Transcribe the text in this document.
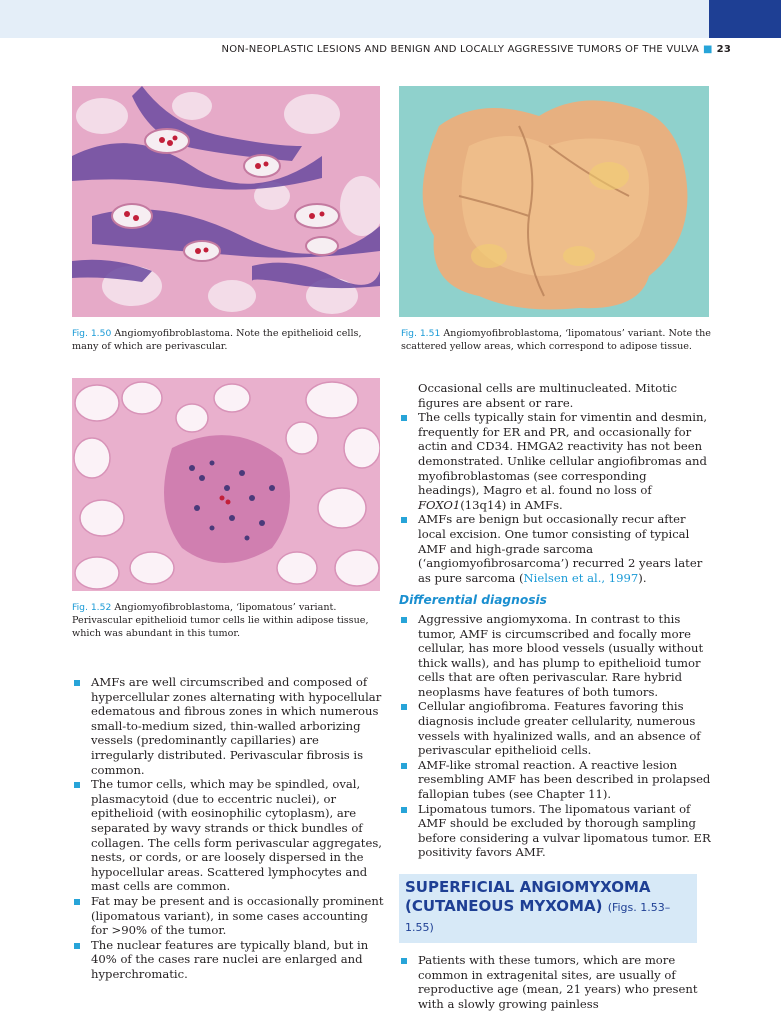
NON-NEOPLASTIC LESIONS AND BENIGN AND LOCALLY AGGRESSIVE TUMORS OF THE VULVA ■ 23
Fig. 1.50 Angiomyofibroblastoma. Note the epithelioid cells, many of which are perivascular.
Fig. 1.51 Angiomyofibroblastoma, ‘lipomatous’ variant. Note the scattered yellow areas, which correspond to adipose tissue.
Fig. 1.52 Angiomyofibroblastoma, ‘lipomatous’ variant. Perivascular epithelioid tumor cells lie within adipose tissue, which was abundant in this tumor.
AMFs are well circumscribed and composed of hypercellular zones alternating with hypocellular edematous and fibrous zones in which numerous small-to-medium sized, thin-walled arborizing vessels (predominantly capillaries) are irregularly distributed. Perivascular fibrosis is common.
The tumor cells, which may be spindled, oval, plasmacytoid (due to eccentric nuclei), or epithelioid (with eosinophilic cytoplasm), are separated by wavy strands or thick bundles of collagen. The cells form perivascular aggregates, nests, or cords, or are loosely dispersed in the hypocellular areas. Scattered lymphocytes and mast cells are common.
Fat may be present and is occasionally prominent (lipomatous variant), in some cases accounting for >90% of the tumor.
The nuclear features are typically bland, but in 40% of the cases rare nuclei are enlarged and hyperchromatic.
Occasional cells are multinucleated. Mitotic figures are absent or rare.
The cells typically stain for vimentin and desmin, frequently for ER and PR, and occasionally for actin and CD34. HMGA2 reactivity has not been demonstrated. Unlike cellular angiofibromas and myofibroblastomas (see corresponding headings), Magro et al. found no loss of FOXO1(13q14) in AMFs.
AMFs are benign but occasionally recur after local excision. One tumor consisting of typical AMF and high-grade sarcoma (‘angiomyofibrosarcoma’) recurred 2 years later as pure sarcoma (Nielsen et al., 1997).
Differential diagnosis
Aggressive angiomyxoma. In contrast to this tumor, AMF is circumscribed and focally more cellular, has more blood vessels (usually without thick walls), and has plump to epithelioid tumor cells that are often perivascular. Rare hybrid neoplasms have features of both tumors.
Cellular angiofibroma. Features favoring this diagnosis include greater cellularity, numerous vessels with hyalinized walls, and an absence of perivascular epithelioid cells.
AMF-like stromal reaction. A reactive lesion resembling AMF has been described in prolapsed fallopian tubes (see Chapter 11).
Lipomatous tumors. The lipomatous variant of AMF should be excluded by thorough sampling before considering a vulvar lipomatous tumor. ER positivity favors AMF.
SUPERFICIAL ANGIOMYXOMA
(CUTANEOUS MYXOMA) (Figs. 1.53–1.55)
Patients with these tumors, which are more common in extragenital sites, are usually of reproductive age (mean, 21 years) who present with a slowly growing painless
